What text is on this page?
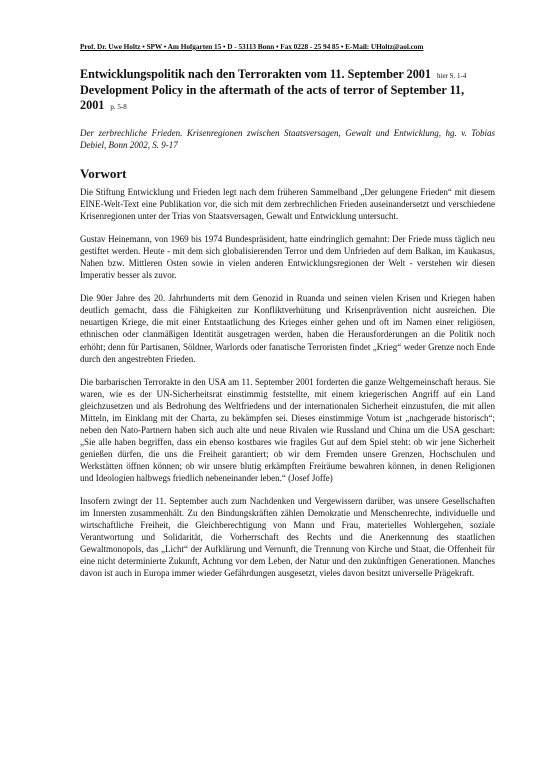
Prof. Dr. Uwe Holtz • SPW • Am Hofgarten 15 • D - 53113 Bonn • Fax 0228 - 25 94 85 • E-Mail: UHoltz@aol.com

Entwicklungspolitik nach den Terrorakten vom 11. September 2001 hier S. 1-4

Development Policy in the aftermath of the acts of terror of September 11, 2001 p. 5-8

Der zerbrechliche Frieden. Krisenregionen zwischen Staatsversagen, Gewalt und Entwicklung, hg. v. Tobias Debiel, Bonn 2002, S. 9-17
Vorwort

Die Stiftung Entwicklung und Frieden legt nach dem früheren Sammelband „Der gelungene Frieden“ mit diesem EINE-Welt-Text eine Publikation vor, die sich mit dem zerbrechlichen Frieden auseinandersetzt und verschiedene Krisenregionen unter der Trias von Staatsversagen, Gewalt und Entwicklung untersucht.

Gustav Heinemann, von 1969 bis 1974 Bundespräsident, hatte eindringlich gemahnt: Der Friede muss täglich neu gestiftet werden. Heute - mit dem sich globalisierenden Terror und dem Unfrieden auf dem Balkan, im Kaukasus, Nahen bzw. Mittleren Osten sowie in vielen anderen Entwicklungsregionen der Welt - verstehen wir diesen Imperativ besser als zuvor.

Die 90er Jahre des 20. Jahrhunderts mit dem Genozid in Ruanda und seinen vielen Krisen und Kriegen haben deutlich gemacht, dass die Fähigkeiten zur Konfliktverhütung und Krisenprävention nicht ausreichen. Die neuartigen Kriege, die mit einer Entstaatlichung des Krieges einher gehen und oft im Namen einer religiösen, ethnischen oder clanmäßigen Identität ausgetragen werden, haben die Herausforderungen an die Politik noch erhöht; denn für Partisanen, Söldner, Warlords oder fanatische Terroristen findet „Krieg“ weder Grenze noch Ende durch den angestrebten Frieden.

Die barbarischen Terrorakte in den USA am 11. September 2001 forderten die ganze Weltgemeinschaft heraus. Sie waren, wie es der UN-Sicherheitsrat einstimmig feststellte, mit einem kriegerischen Angriff auf ein Land gleichzusetzen und als Bedrohung des Weltfriedens und der internationalen Sicherheit einzustufen, die mit allen Mitteln, im Einklang mit der Charta, zu bekämpfen sei. Dieses einstimmige Votum ist „nachgerade historisch“; neben den Nato-Partnern haben sich auch alte und neue Rivalen wie Russland und China um die USA geschart: „Sie alle haben begriffen, dass ein ebenso kostbares wie fragiles Gut auf dem Spiel steht: ob wir jene Sicherheit genießen dürfen, die uns die Freiheit garantiert; ob wir dem Fremden unsere Grenzen, Hochschulen und Werkstätten öffnen können; ob wir unsere blutig erkämpften Freiräume bewahren können, in denen Religionen und Ideologien halbwegs friedlich nebeneinander leben.“ (Josef Joffe)

Insofern zwingt der 11. September auch zum Nachdenken und Vergewissern darüber, was unsere Gesellschaften im Innersten zusammenhält. Zu den Bindungskräften zählen Demokratie und Menschenrechte, individuelle und wirtschaftliche Freiheit, die Gleichberechtigung von Mann und Frau, materielles Wohlergehen, soziale Verantwortung und Solidarität, die Vorherrschaft des Rechts und die Anerkennung des staatlichen Gewaltmonopols, das „Licht“ der Aufklärung und Vernunft, die Trennung von Kirche und Staat, die Offenheit für eine nicht determinierte Zukunft, Achtung vor dem Leben, der Natur und den zukünftigen Generationen. Manches davon ist auch in Europa immer wieder Gefährdungen ausgesetzt, vieles davon besitzt universelle Prägekraft.
